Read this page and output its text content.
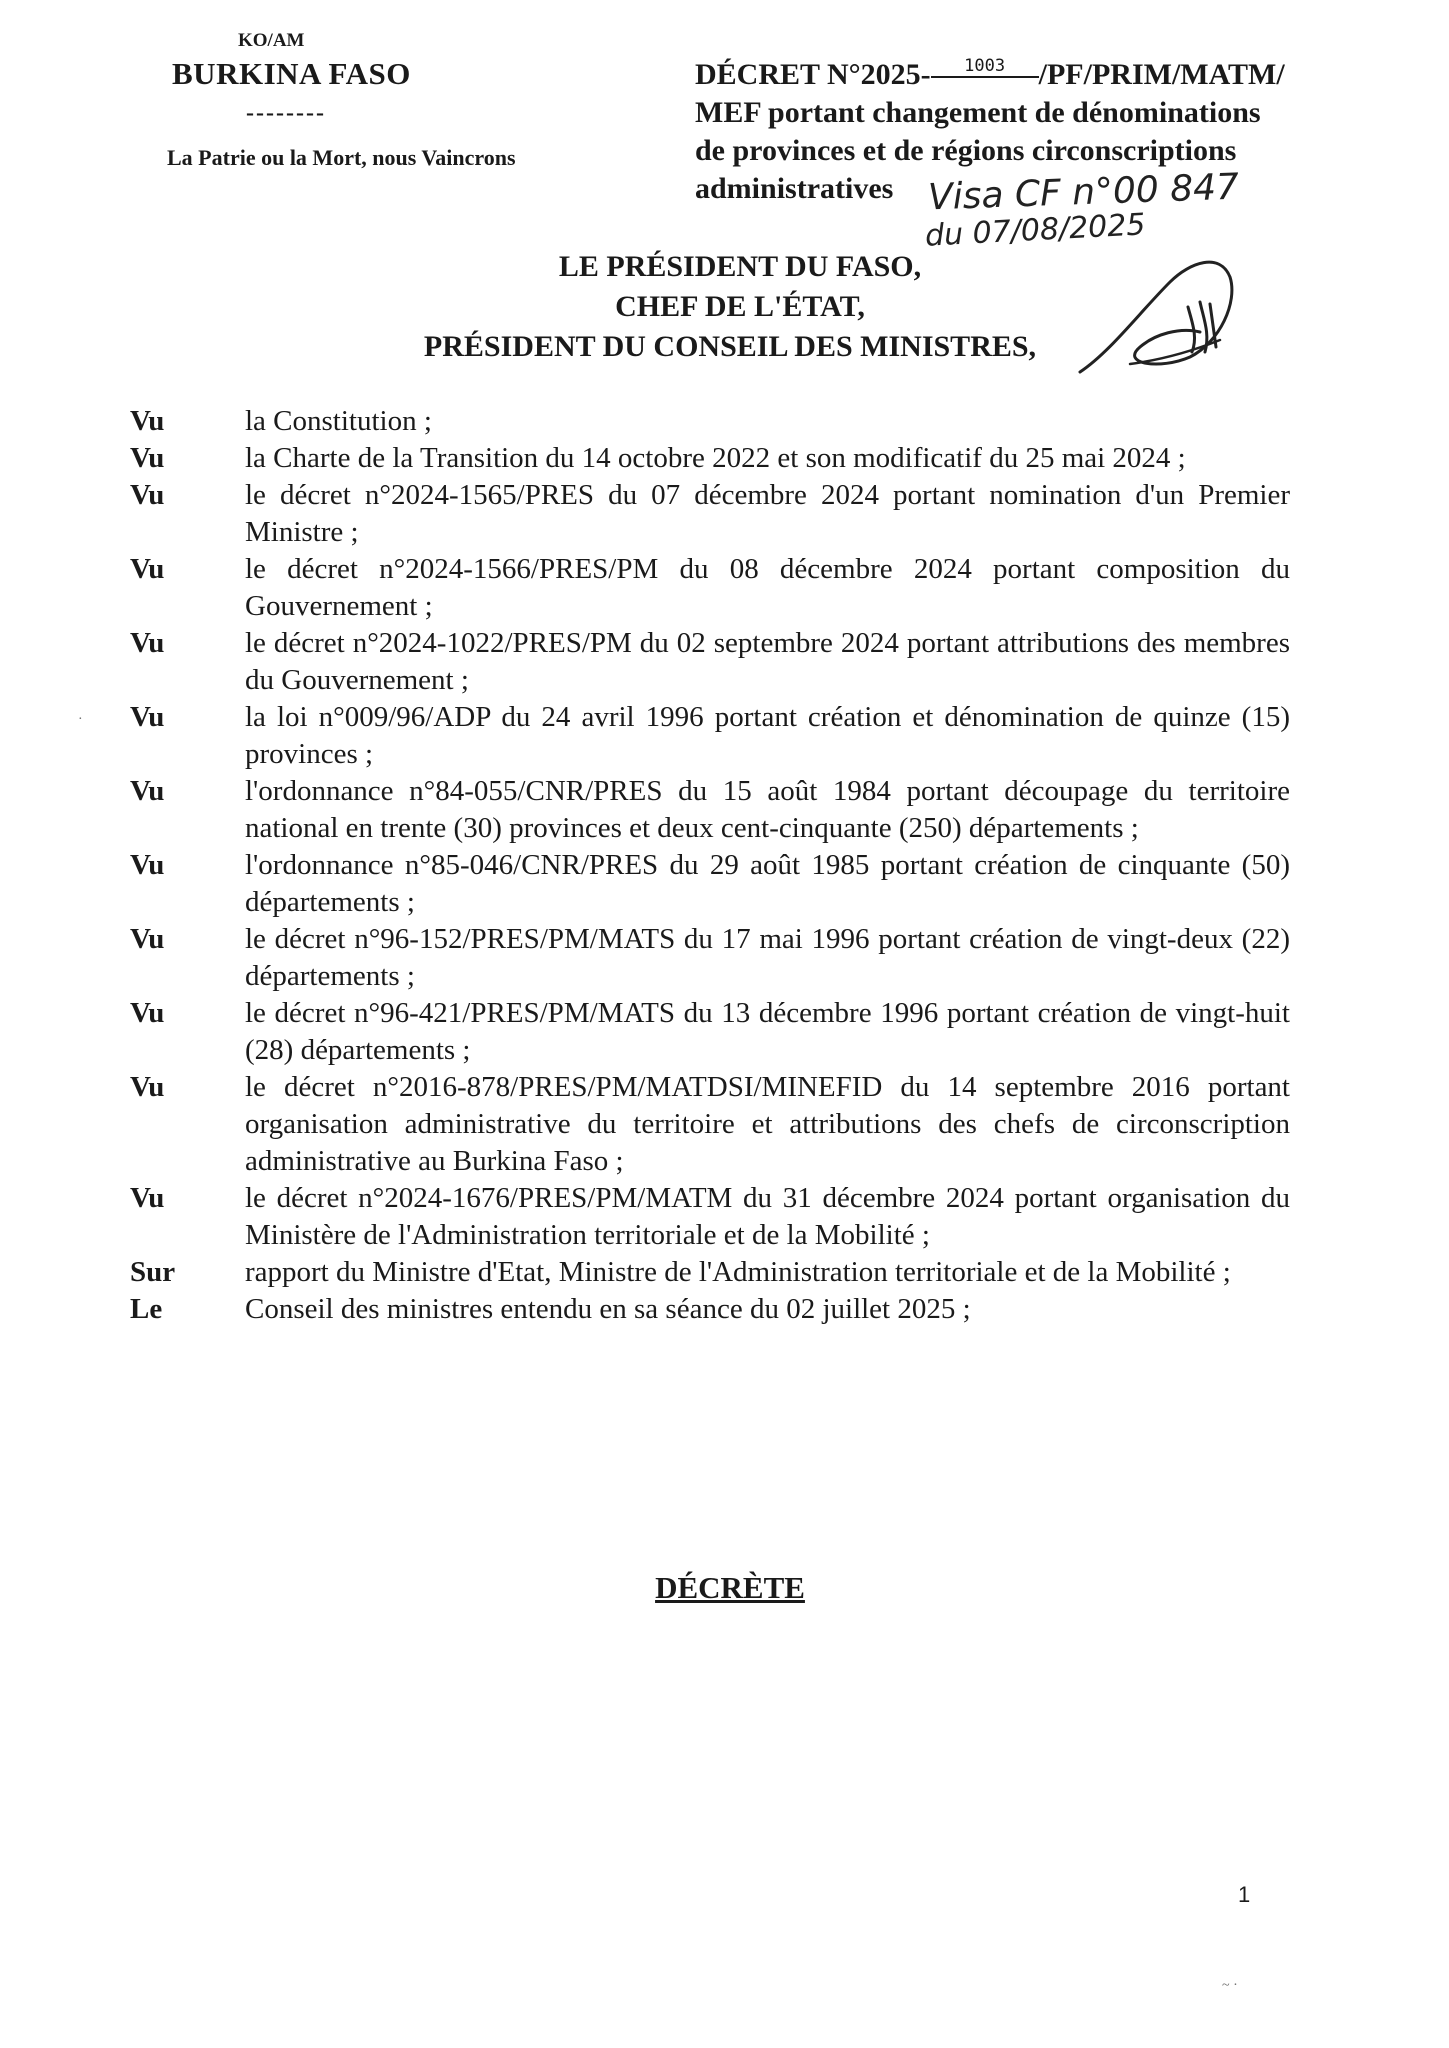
KO/AM
BURKINA FASO
--------
La Patrie ou la Mort, nous Vaincrons
DÉCRET N°2025- 1003 /PF/PRIM/MATM/
MEF portant changement de dénominations
de provinces et de régions circonscriptions
administratives Visa CF n°00 847
du 07/08/2025
LE PRÉSIDENT DU FASO,
CHEF DE L'ÉTAT,
PRÉSIDENT DU CONSEIL DES MINISTRES,
Vu	la Constitution ;
Vu	la Charte de la Transition du 14 octobre 2022 et son modificatif du 25 mai 2024 ;
Vu	le décret n°2024-1565/PRES du 07 décembre 2024 portant nomination d'un Premier Ministre ;
Vu	le décret n°2024-1566/PRES/PM du 08 décembre 2024 portant composition du Gouvernement ;
Vu	le décret n°2024-1022/PRES/PM du 02 septembre 2024 portant attributions des membres du Gouvernement ;
Vu	la loi n°009/96/ADP du 24 avril 1996 portant création et dénomination de quinze (15) provinces ;
Vu	l'ordonnance n°84-055/CNR/PRES du 15 août 1984 portant découpage du territoire national en trente (30) provinces et deux cent-cinquante (250) départements ;
Vu	l'ordonnance n°85-046/CNR/PRES du 29 août 1985 portant création de cinquante (50) départements ;
Vu	le décret n°96-152/PRES/PM/MATS du 17 mai 1996 portant création de vingt-deux (22) départements ;
Vu	le décret n°96-421/PRES/PM/MATS du 13 décembre 1996 portant création de vingt-huit (28) départements ;
Vu	le décret n°2016-878/PRES/PM/MATDSI/MINEFID du 14 septembre 2016 portant organisation administrative du territoire et attributions des chefs de circonscription administrative au Burkina Faso ;
Vu	le décret n°2024-1676/PRES/PM/MATM du 31 décembre 2024 portant organisation du Ministère de l'Administration territoriale et de la Mobilité ;
Sur	rapport du Ministre d'Etat, Ministre de l'Administration territoriale et de la Mobilité ;
Le	Conseil des ministres entendu en sa séance du 02 juillet 2025 ;
DÉCRÈTE
1
·
~ ·
